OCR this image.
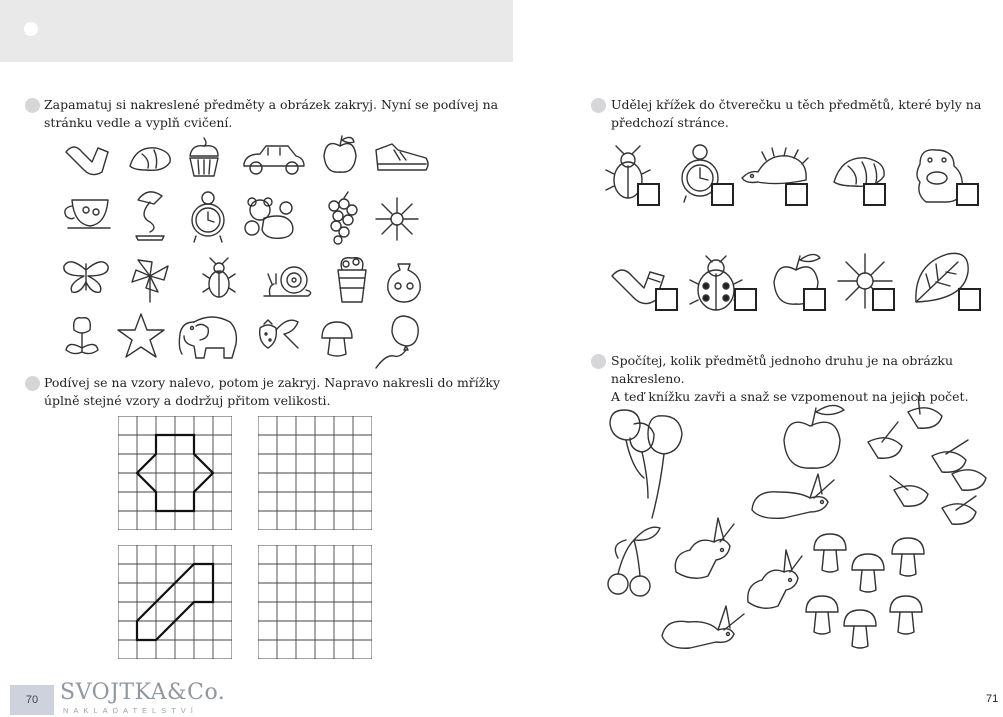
Zapamatuj si nakreslené předměty a obrázek zakryj. Nyní se podívej na
stránku vedle a vyplň cvičení.
Podívej se na vzory nalevo, potom je zakryj. Napravo nakresli do mřížky
úplně stejné vzory a dodržuj přitom velikosti.
70 SVOJTKA&Co.
NAKLADATELSTVÍ
Udělej křížek do čtverečku u těch předmětů, které byly na
předchozí stránce.
Spočítej, kolik předmětů jednoho druhu je na obrázku nakresleno.
A teď knížku zavři a snaž se vzpomenout na jejich počet.
71
